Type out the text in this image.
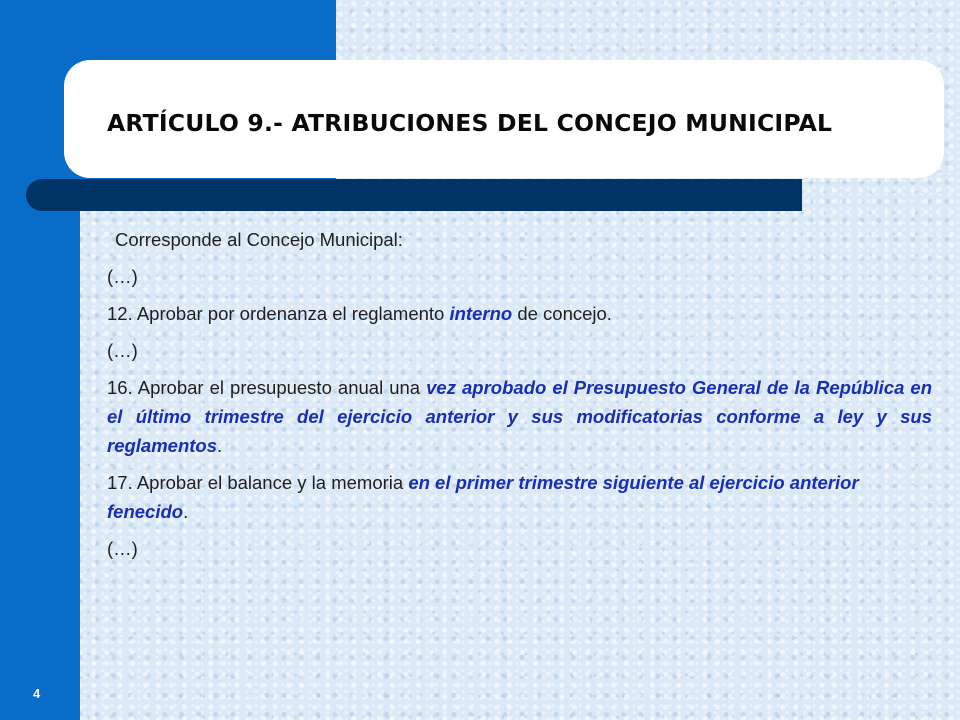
ARTÍCULO 9.- ATRIBUCIONES DEL CONCEJO MUNICIPAL
Corresponde al Concejo Municipal:
(…)
12. Aprobar por ordenanza el reglamento interno de concejo.
(…)
16. Aprobar el presupuesto anual una vez aprobado el Presupuesto General de la República en el último trimestre del ejercicio anterior y sus modificatorias conforme a ley y sus reglamentos.
17. Aprobar el balance y la memoria en el primer trimestre siguiente al ejercicio anterior fenecido.
(…)
4
